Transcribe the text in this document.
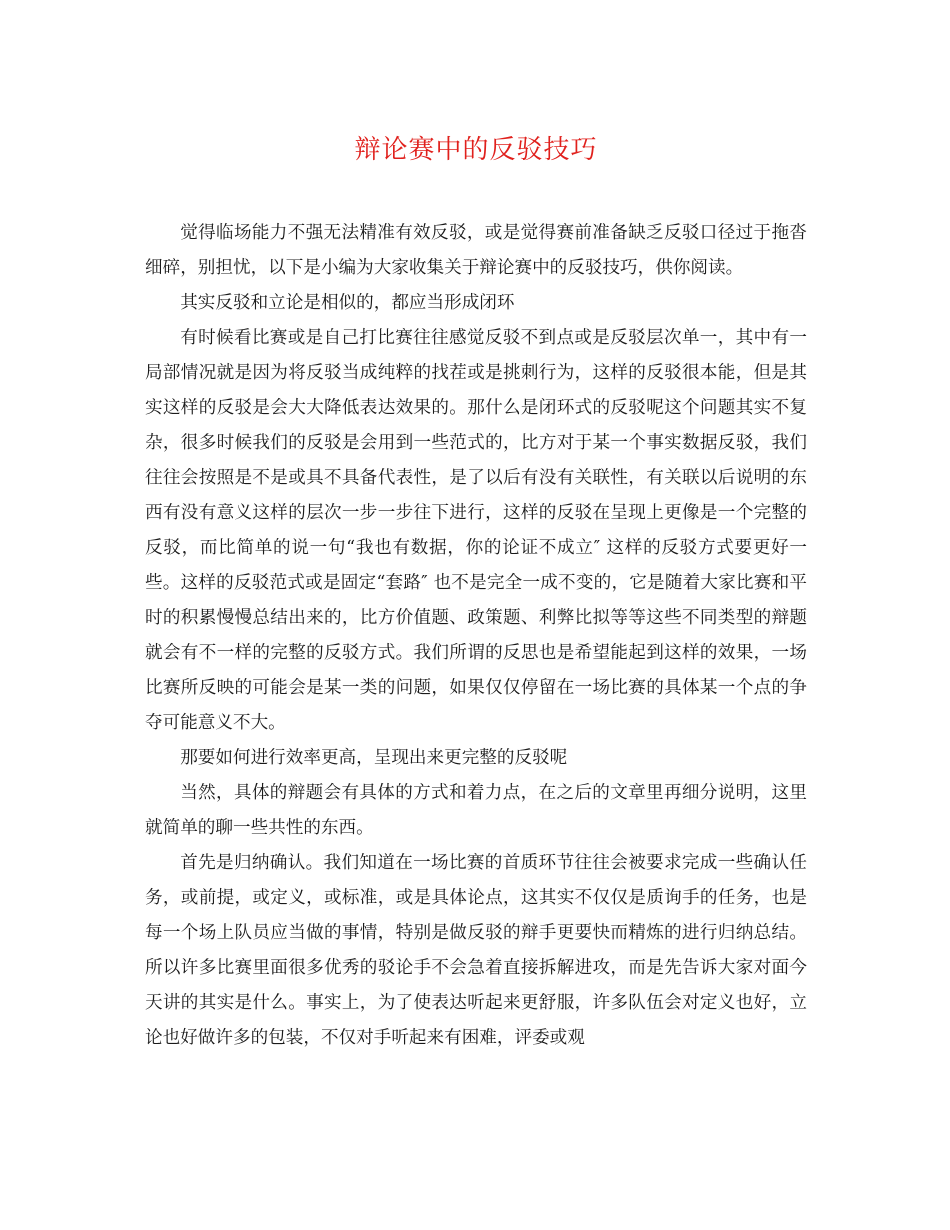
辩论赛中的反驳技巧

觉得临场能力不强无法精准有效反驳，或是觉得赛前准备缺乏反驳口径过于拖沓细碎，别担忧，以下是小编为大家收集关于辩论赛中的反驳技巧，供你阅读。

其实反驳和立论是相似的，都应当形成闭环

有时候看比赛或是自己打比赛往往感觉反驳不到点或是反驳层次单一，其中有一局部情况就是因为将反驳当成纯粹的找茬或是挑刺行为，这样的反驳很本能，但是其实这样的反驳是会大大降低表达效果的。那什么是闭环式的反驳呢这个问题其实不复杂，很多时候我们的反驳是会用到一些范式的，比方对于某一个事实数据反驳，我们往往会按照是不是或具不具备代表性，是了以后有没有关联性，有关联以后说明的东西有没有意义这样的层次一步一步往下进行，这样的反驳在呈现上更像是一个完整的反驳，而比简单的说一句“我也有数据，你的论证不成立″ 这样的反驳方式要更好一些。这样的反驳范式或是固定“套路″ 也不是完全一成不变的，它是随着大家比赛和平时的积累慢慢总结出来的，比方价值题、政策题、利弊比拟等等这些不同类型的辩题就会有不一样的完整的反驳方式。我们所谓的反思也是希望能起到这样的效果，一场比赛所反映的可能会是某一类的问题，如果仅仅停留在一场比赛的具体某一个点的争夺可能意义不大。

那要如何进行效率更高，呈现出来更完整的反驳呢

当然，具体的辩题会有具体的方式和着力点，在之后的文章里再细分说明，这里就简单的聊一些共性的东西。

首先是归纳确认。我们知道在一场比赛的首质环节往往会被要求完成一些确认任务，或前提，或定义，或标准，或是具体论点，这其实不仅仅是质询手的任务，也是每一个场上队员应当做的事情，特别是做反驳的辩手更要快而精炼的进行归纳总结。所以许多比赛里面很多优秀的驳论手不会急着直接拆解进攻，而是先告诉大家对面今天讲的其实是什么。事实上，为了使表达听起来更舒服，许多队伍会对定义也好，立论也好做许多的包装，不仅对手听起来有困难，评委或观
